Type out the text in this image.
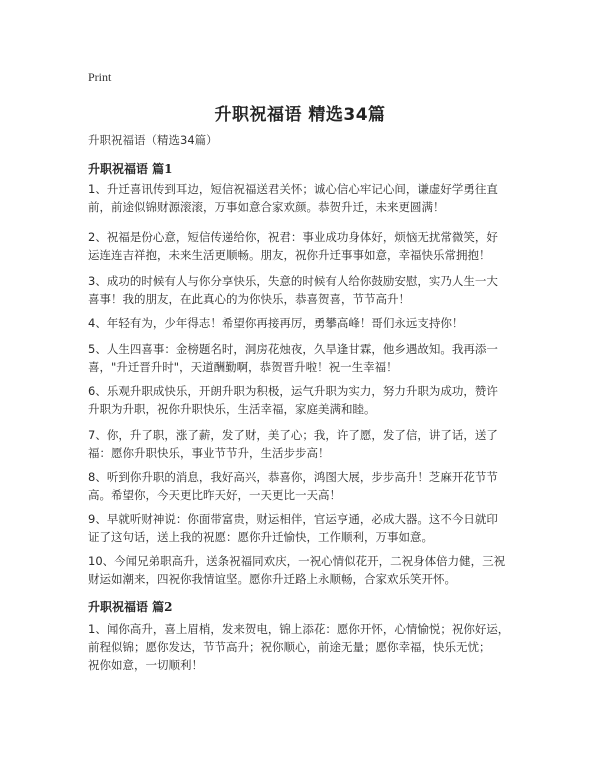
Print
升职祝福语 精选34篇
升职祝福语（精选34篇）
升职祝福语 篇1
1、升迁喜讯传到耳边，短信祝福送君关怀；诚心信心牢记心间，谦虚好学勇往直
前，前途似锦财源滚滚，万事如意合家欢颜。恭贺升迁，未来更圆满！
2、祝福是份心意，短信传递给你，祝君：事业成功身体好，烦恼无扰常微笑，好
运连连吉祥抱，未来生活更顺畅。朋友，祝你升迁事事如意，幸福快乐常拥抱！
3、成功的时候有人与你分享快乐，失意的时候有人给你鼓励安慰，实乃人生一大
喜事！我的朋友，在此真心的为你快乐，恭喜贺喜，节节高升！
4、年轻有为，少年得志！希望你再接再厉，勇攀高峰！哥们永远支持你！
5、人生四喜事：金榜题名时，洞房花烛夜，久旱逢甘霖，他乡遇故知。我再添一
喜，"升迁晋升时"，天道酬勤啊，恭贺晋升啦！祝一生幸福！
6、乐观升职成快乐，开朗升职为积极，运气升职为实力，努力升职为成功，赞许
升职为升职，祝你升职快乐，生活幸福，家庭美满和睦。
7、你，升了职，涨了薪，发了财，美了心；我，许了愿，发了信，讲了话，送了
福：愿你升职快乐，事业节节升，生活步步高！
8、听到你升职的消息，我好高兴，恭喜你，鸿图大展，步步高升！芝麻开花节节
高。希望你，今天更比昨天好，一天更比一天高！
9、早就听财神说：你面带富贵，财运相伴，官运亨通，必成大器。这不今日就印
证了这句话，送上我的祝愿：愿你升迁愉快，工作顺利，万事如意。
10、今闻兄弟职高升，送条祝福同欢庆，一祝心情似花开，二祝身体倍力健，三祝
财运如潮来，四祝你我情谊坚。愿你升迁路上永顺畅，合家欢乐笑开怀。
升职祝福语 篇2
1、闻你高升，喜上眉梢，发来贺电，锦上添花：愿你开怀，心情愉悦；祝你好运，
前程似锦；愿你发达，节节高升；祝你顺心，前途无量；愿你幸福，快乐无忧；
祝你如意，一切顺利！
